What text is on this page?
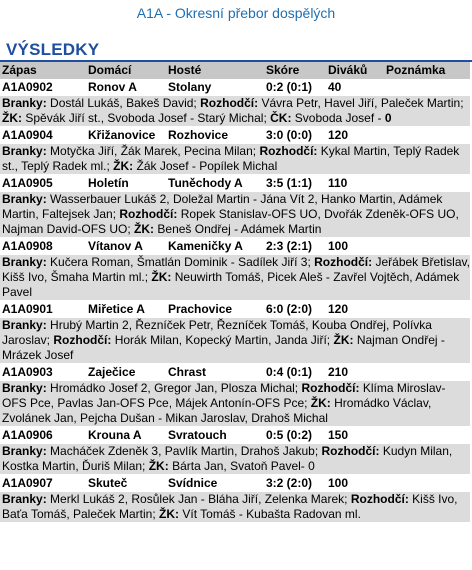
A1A - Okresní přebor dospělých
VÝSLEDKY
Zápas	Domácí	Hosté	Skóre	Diváků	Poznámka
A1A0902	Ronov A	Stolany	0:2 (0:1)	40	
Branky: Dostál Lukáš, Bakeš David; Rozhodčí: Vávra Petr, Havel Jiří, Paleček Martin; ŽK: Spěvák Jiří st., Svoboda Josef - Starý Michal; ČK: Svoboda Josef - 0					

A1A0904	Křižanovice	Rozhovice	3:0 (0:0)	120	
Branky: Motyčka Jiří, Žák Marek, Pecina Milan; Rozhodčí: Kykal Martin, Teplý Radek st., Teplý Radek ml.; ŽK: Žák Josef - Popílek Michal					

A1A0905	Holetín	Tuněchody A	3:5 (1:1)	110	
Branky: Wasserbauer Lukáš 2, Doležal Martin - Jána Vít 2, Hanko Martin, Adámek Martin, Faltejsek Jan; Rozhodčí: Ropek Stanislav-OFS UO, Dvořák Zdeněk-OFS UO, Najman David-OFS UO; ŽK: Beneš Ondřej - Adámek Martin					

A1A0908	Vítanov A	Kameničky A	2:3 (2:1)	100	
Branky: Kučera Roman, Šmatlán Dominik - Sadílek Jiří 3; Rozhodčí: Jeřábek Břetislav, Kišš Ivo, Šmaha Martin ml.; ŽK: Neuwirth Tomáš, Picek Aleš - Zavřel Vojtěch, Adámek Pavel					

A1A0901	Miřetice A	Prachovice	6:0 (2:0)	120	
Branky: Hrubý Martin 2, Řezníček Petr, Řezníček Tomáš, Kouba Ondřej, Polívka Jaroslav; Rozhodčí: Horák Milan, Kopecký Martin, Janda Jiří; ŽK: Najman Ondřej - Mrázek Josef					

A1A0903	Zaječice	Chrast	0:4 (0:1)	210	
Branky: Hromádko Josef 2, Gregor Jan, Plosza Michal; Rozhodčí: Klíma Miroslav-OFS Pce, Pavlas Jan-OFS Pce, Májek Antonín-OFS Pce; ŽK: Hromádko Václav, Zvolánek Jan, Pejcha Dušan - Mikan Jaroslav, Drahoš Michal					

A1A0906	Krouna A	Svratouch	0:5 (0:2)	150	
Branky: Macháček Zdeněk 3, Pavlík Martin, Drahoš Jakub; Rozhodčí: Kudyn Milan, Kostka Martin, Ďuriš Milan; ŽK: Bárta Jan, Svatoň Pavel- 0					

A1A0907	Skuteč	Svídnice	3:2 (2:0)	100	
Branky: Merkl Lukáš 2, Rosůlek Jan - Bláha Jiří, Zelenka Marek; Rozhodčí: Kišš Ivo, Baťa Tomáš, Paleček Martin; ŽK: Vít Tomáš - Kubašta Radovan ml.					
